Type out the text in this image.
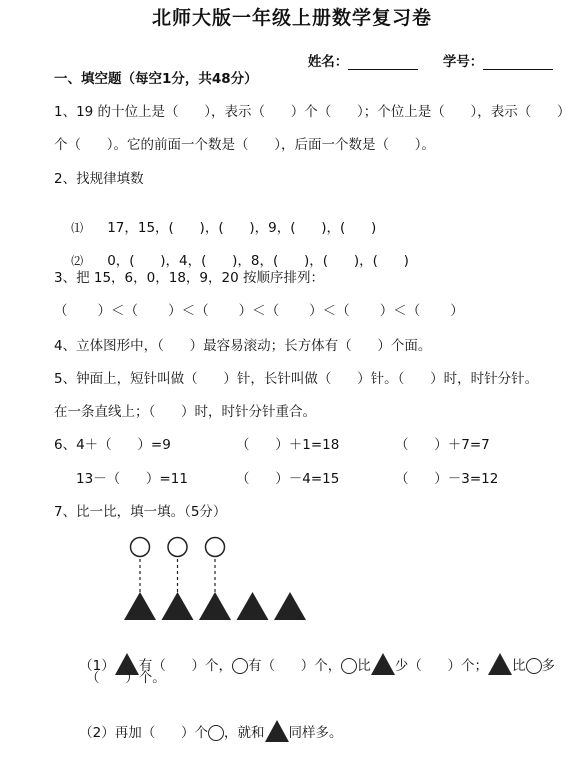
北师大版一年级上册数学复习卷

姓名：
	学号：

一、填空题（每空1分，共48分）
1、19 的十位上是（      ），表示（      ）个（      ）；个位上是（      ），表示（      ）
个（      ）。它的前面一个数是（      ），后面一个数是（      ）。
2、找规律填数

⑴ 17，15，(      )，(      )，9，(      )，(      )

⑵ 0，(      )，4，(      )，8，(      )，(      )，(      )

3、把 15，6，0，18，9，20 按顺序排列：
（       ）＜（       ）＜（       ）＜（       ）＜（       ）＜（       ）
4、立体图形中，（      ）最容易滚动；长方体有（      ）个面。
5、钟面上，短针叫做（      ）针，长针叫做（      ）针。（      ）时，时针分针。
在一条直线上；（      ）时，时针分针重合。
6、4＋（      ）=9	（      ）＋1=18	（      ）＋7=7
13－（      ）=11	（      ）－4=15	（      ）－3=12
7、比一比，填一填。（5分）

（1） 有（      ）个， 有（      ）个， 比 少（      ）个； 比 多

（      ）个。

（2）再加（      ）个 ，就和 同样多。
